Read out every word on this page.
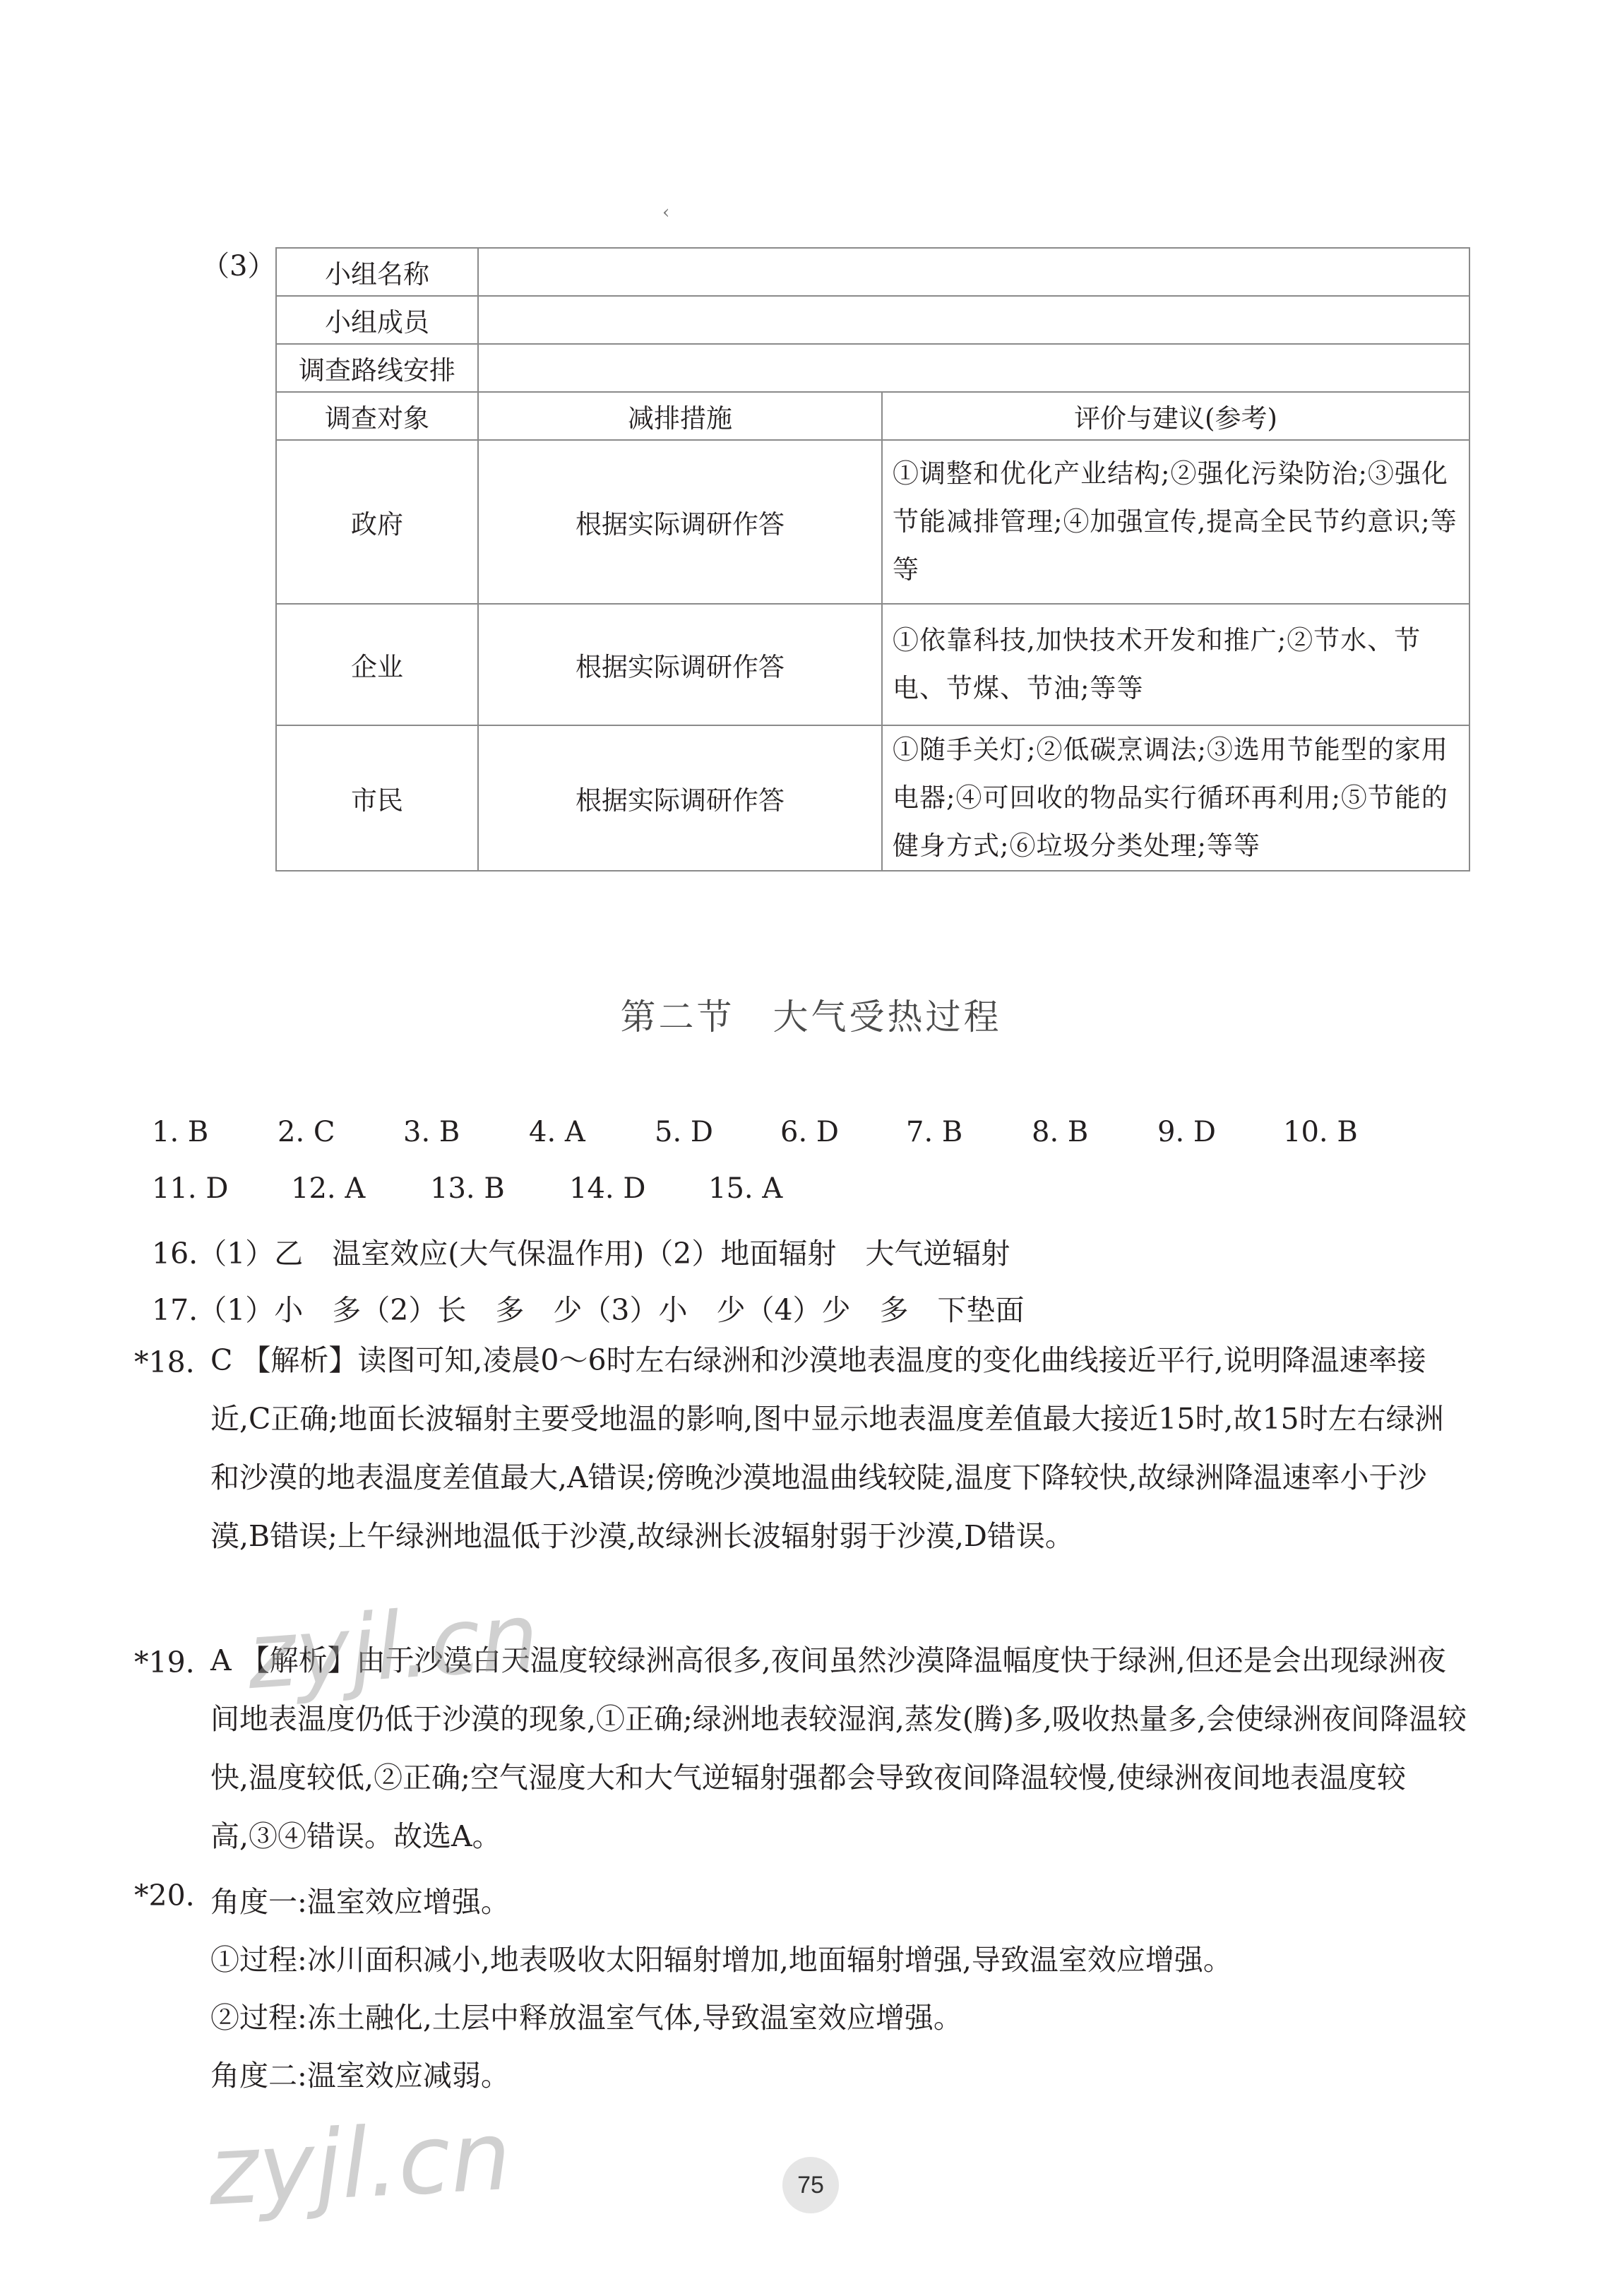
‹
（3） 小组名称		
小组成员		
调查路线安排		
调查对象	减排措施	评价与建议(参考)
政府	根据实际调研作答	①调整和优化产业结构;②强化污染防治;③强化节能减排管理;④加强宣传,提高全民节约意识;等等
企业	根据实际调研作答	①依靠科技,加快技术开发和推广;②节水、节电、节煤、节油;等等
市民	根据实际调研作答	①随手关灯;②低碳烹调法;③选用节能型的家用电器;④可回收的物品实行循环再利用;⑤节能的健身方式;⑥垃圾分类处理;等等
第二节　大气受热过程
1. B 2. C 3. B 4. A 5. D 6. D 7. B 8. B 9. D 10. B
11. D 12. A 13. B 14. D 15. A
16.（1）乙　温室效应(大气保温作用)（2）地面辐射　大气逆辐射
17.（1）小　多（2）长　多　少（3）小　少（4）少　多　下垫面
*18. C 【解析】读图可知,凌晨0～6时左右绿洲和沙漠地表温度的变化曲线接近平行,说明降温速率接近,C正确;地面长波辐射主要受地温的影响,图中显示地表温度差值最大接近15时,故15时左右绿洲和沙漠的地表温度差值最大,A错误;傍晚沙漠地温曲线较陡,温度下降较快,故绿洲降温速率小于沙漠,B错误;上午绿洲地温低于沙漠,故绿洲长波辐射弱于沙漠,D错误。
*19. A 【解析】由于沙漠白天温度较绿洲高很多,夜间虽然沙漠降温幅度快于绿洲,但还是会出现绿洲夜间地表温度仍低于沙漠的现象,①正确;绿洲地表较湿润,蒸发(腾)多,吸收热量多,会使绿洲夜间降温较快,温度较低,②正确;空气湿度大和大气逆辐射强都会导致夜间降温较慢,使绿洲夜间地表温度较高,③④错误。故选A。
*20. 角度一:温室效应增强。
①过程:冰川面积减小,地表吸收太阳辐射增加,地面辐射增强,导致温室效应增强。
②过程:冻土融化,土层中释放温室气体,导致温室效应增强。
角度二:温室效应减弱。
zyjl.cn
zyjl.cn	75
